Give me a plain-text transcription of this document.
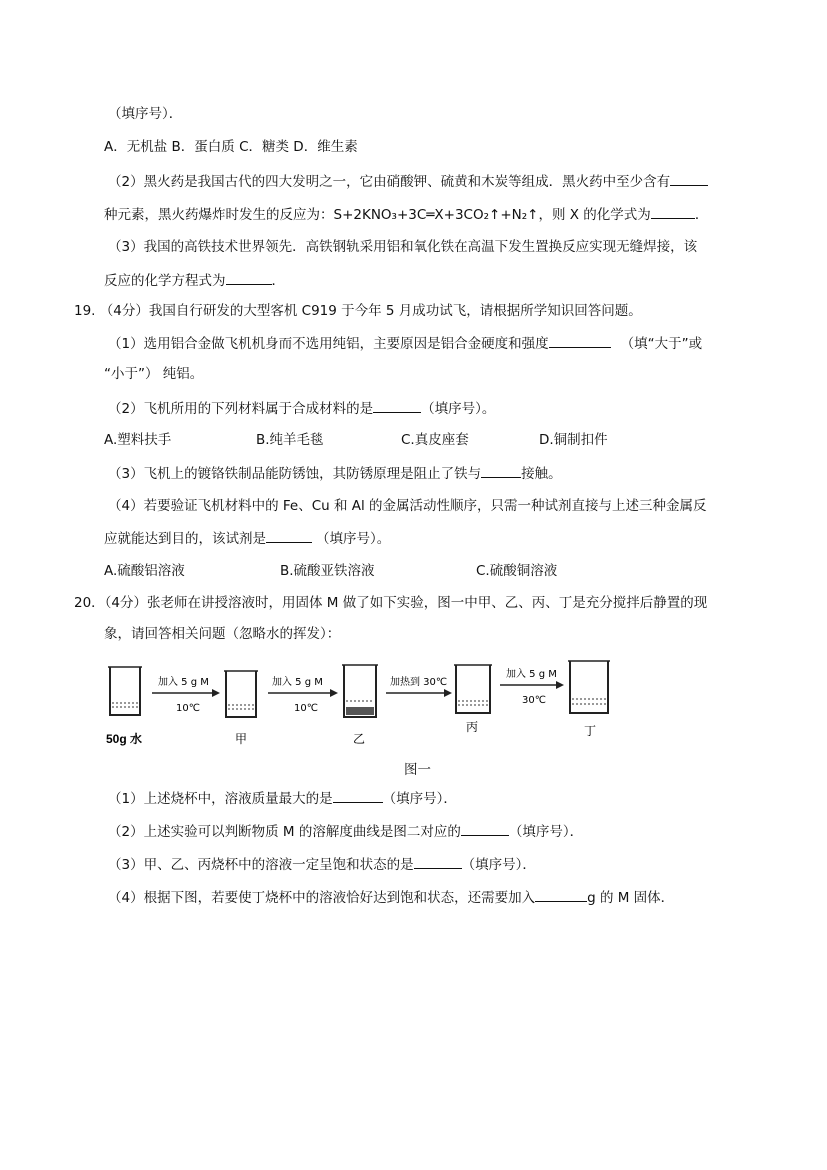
（填序号）．
A．无机盐 B．蛋白质 C．糖类 D．维生素
（2）黑火药是我国古代的四大发明之一，它由硝酸钾、硫黄和木炭等组成．黑火药中至少含有
种元素，黑火药爆炸时发生的反应为：S+2KNO₃+3C═X+3CO₂↑+N₂↑，则 X 的化学式为	．
（3）我国的高铁技术世界领先．高铁钢轨采用铝和氧化铁在高温下发生置换反应实现无缝焊接，该
反应的化学方程式为	．
19. （4分）我国自行研发的大型客机 C919 于今年 5 月成功试飞，请根据所学知识回答问题。
（1）选用铝合金做飞机机身而不选用纯铝，主要原因是铝合金硬度和强度	（填“大于”或
“小于”） 纯铝。
（2）飞机所用的下列材料属于合成材料的是	（填序号）。
A.塑料扶手	B.纯羊毛毯	C.真皮座套	D.铜制扣件
（3）飞机上的镀铬铁制品能防锈蚀，其防锈原理是阻止了铁与	接触。
（4）若要验证飞机材料中的 Fe、Cu 和 Al 的金属活动性顺序，只需一种试剂直接与上述三种金属反
应就能达到目的，该试剂是	（填序号）。
A.硫酸铝溶液	B.硫酸亚铁溶液	C.硫酸铜溶液
20．（4分）张老师在讲授溶液时，用固体 M 做了如下实验，图一中甲、乙、丙、丁是充分搅拌后静置的现
象，请回答相关问题（忽略水的挥发）：
50g 水
加入 5 g M
10℃
甲
加入 5 g M
10℃
乙
加热到 30℃
丙
加入 5 g M
30℃
丁
图一
（1）上述烧杯中，溶液质量最大的是	（填序号）．
（2）上述实验可以判断物质 M 的溶解度曲线是图二对应的	（填序号）．
（3）甲、乙、丙烧杯中的溶液一定呈饱和状态的是	（填序号）．
（4）根据下图，若要使丁烧杯中的溶液恰好达到饱和状态，还需要加入	g 的 M 固体．
